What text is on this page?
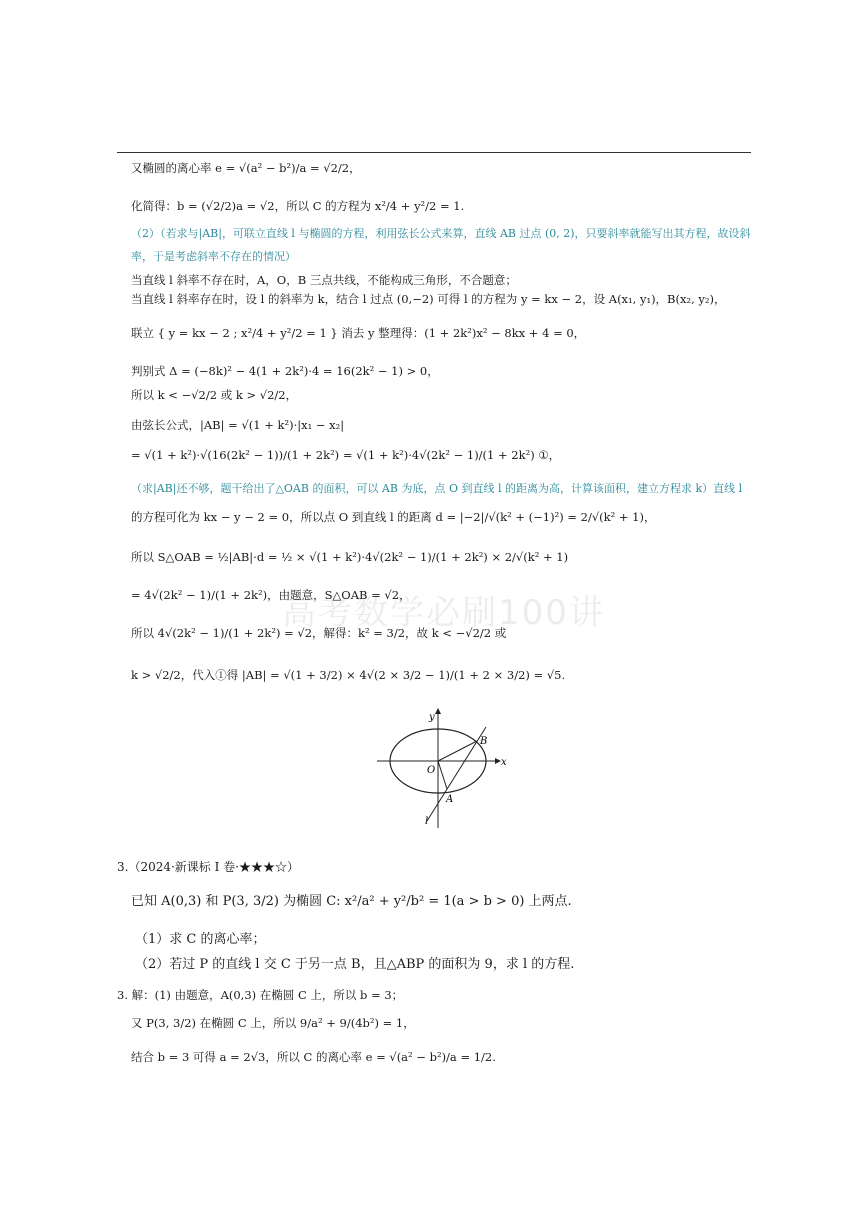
高考数学必刷100讲
又椭圆的离心率 e = √(a² − b²)/a = √2/2，
化简得：b = (√2/2)a = √2，所以 C 的方程为 x²/4 + y²/2 = 1.
（2）（若求与|AB|，可联立直线 l 与椭圆的方程，利用弦长公式来算，直线 AB 过点 (0, 2)，只要斜率就能写出其方程，故设斜
率，于是考虑斜率不存在的情况）
当直线 l 斜率不存在时，A，O，B 三点共线，不能构成三角形，不合题意；
当直线 l 斜率存在时，设 l 的斜率为 k，结合 l 过点 (0,−2) 可得 l 的方程为 y = kx − 2，设 A(x₁, y₁)，B(x₂, y₂)，
联立 { y = kx − 2 ; x²/4 + y²/2 = 1 } 消去 y 整理得：(1 + 2k²)x² − 8kx + 4 = 0，
判别式 Δ = (−8k)² − 4(1 + 2k²)·4 = 16(2k² − 1) > 0，
所以 k < −√2/2 或 k > √2/2，
由弦长公式，|AB| = √(1 + k²)·|x₁ − x₂|
= √(1 + k²)·√(16(2k² − 1))/(1 + 2k²) = √(1 + k²)·4√(2k² − 1)/(1 + 2k²) ①，
（求|AB|还不够，题干给出了△OAB 的面积，可以 AB 为底，点 O 到直线 l 的距离为高，计算该面积，建立方程求 k）直线 l
的方程可化为 kx − y − 2 = 0，所以点 O 到直线 l 的距离 d = |−2|/√(k² + (−1)²) = 2/√(k² + 1)，
所以 S△OAB = ½|AB|·d = ½ × √(1 + k²)·4√(2k² − 1)/(1 + 2k²) × 2/√(k² + 1)
= 4√(2k² − 1)/(1 + 2k²)，由题意，S△OAB = √2，
所以 4√(2k² − 1)/(1 + 2k²) = √2，解得：k² = 3/2，故 k < −√2/2 或
k > √2/2，代入①得 |AB| = √(1 + 3/2) × 4√(2 × 3/2 − 1)/(1 + 2 × 3/2) = √5.
y
x
O
B
A
l
3.（2024·新课标 I 卷·★★★☆）
已知 A(0,3) 和 P(3, 3/2) 为椭圆 C: x²/a² + y²/b² = 1(a > b > 0) 上两点.
（1）求 C 的离心率；
（2）若过 P 的直线 l 交 C 于另一点 B，且△ABP 的面积为 9，求 l 的方程.
3. 解：(1) 由题意，A(0,3) 在椭圆 C 上，所以 b = 3；
又 P(3, 3/2) 在椭圆 C 上，所以 9/a² + 9/(4b²) = 1，
结合 b = 3 可得 a = 2√3，所以 C 的离心率 e = √(a² − b²)/a = 1/2.
